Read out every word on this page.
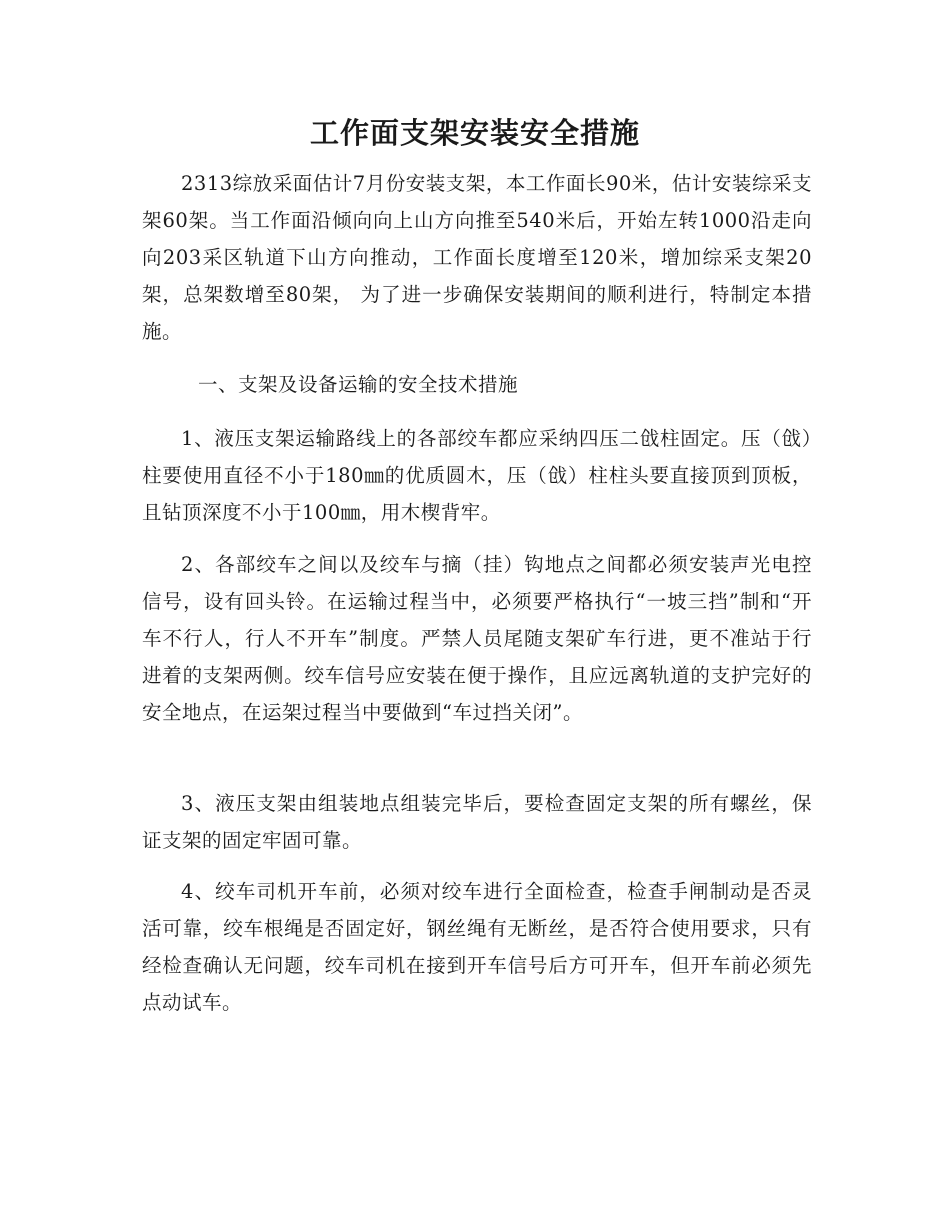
工作面支架安装安全措施

2313综放采面估计7月份安装支架，本工作面长90米，估计安装综采支架60架。当工作面沿倾向向上山方向推至540米后，开始左转1000沿走向向203采区轨道下山方向推动，工作面长度增至120米，增加综采支架20架，总架数增至80架， 为了进一步确保安装期间的顺利进行，特制定本措施。

一、支架及设备运输的安全技术措施

1、液压支架运输路线上的各部绞车都应采纳四压二戗柱固定。压（戗）柱要使用直径不小于180㎜的优质圆木，压（戗）柱柱头要直接顶到顶板，且钻顶深度不小于100㎜，用木楔背牢。

2、各部绞车之间以及绞车与摘（挂）钩地点之间都必须安装声光电控信号，设有回头铃。在运输过程当中，必须要严格执行“一坡三挡”制和“开车不行人，行人不开车”制度。严禁人员尾随支架矿车行进，更不准站于行进着的支架两侧。绞车信号应安装在便于操作，且应远离轨道的支护完好的安全地点，在运架过程当中要做到“车过挡关闭”。

3、液压支架由组装地点组装完毕后，要检查固定支架的所有螺丝，保证支架的固定牢固可靠。

4、绞车司机开车前，必须对绞车进行全面检查，检查手闸制动是否灵活可靠，绞车根绳是否固定好，钢丝绳有无断丝，是否符合使用要求，只有经检查确认无问题，绞车司机在接到开车信号后方可开车，但开车前必须先点动试车。
